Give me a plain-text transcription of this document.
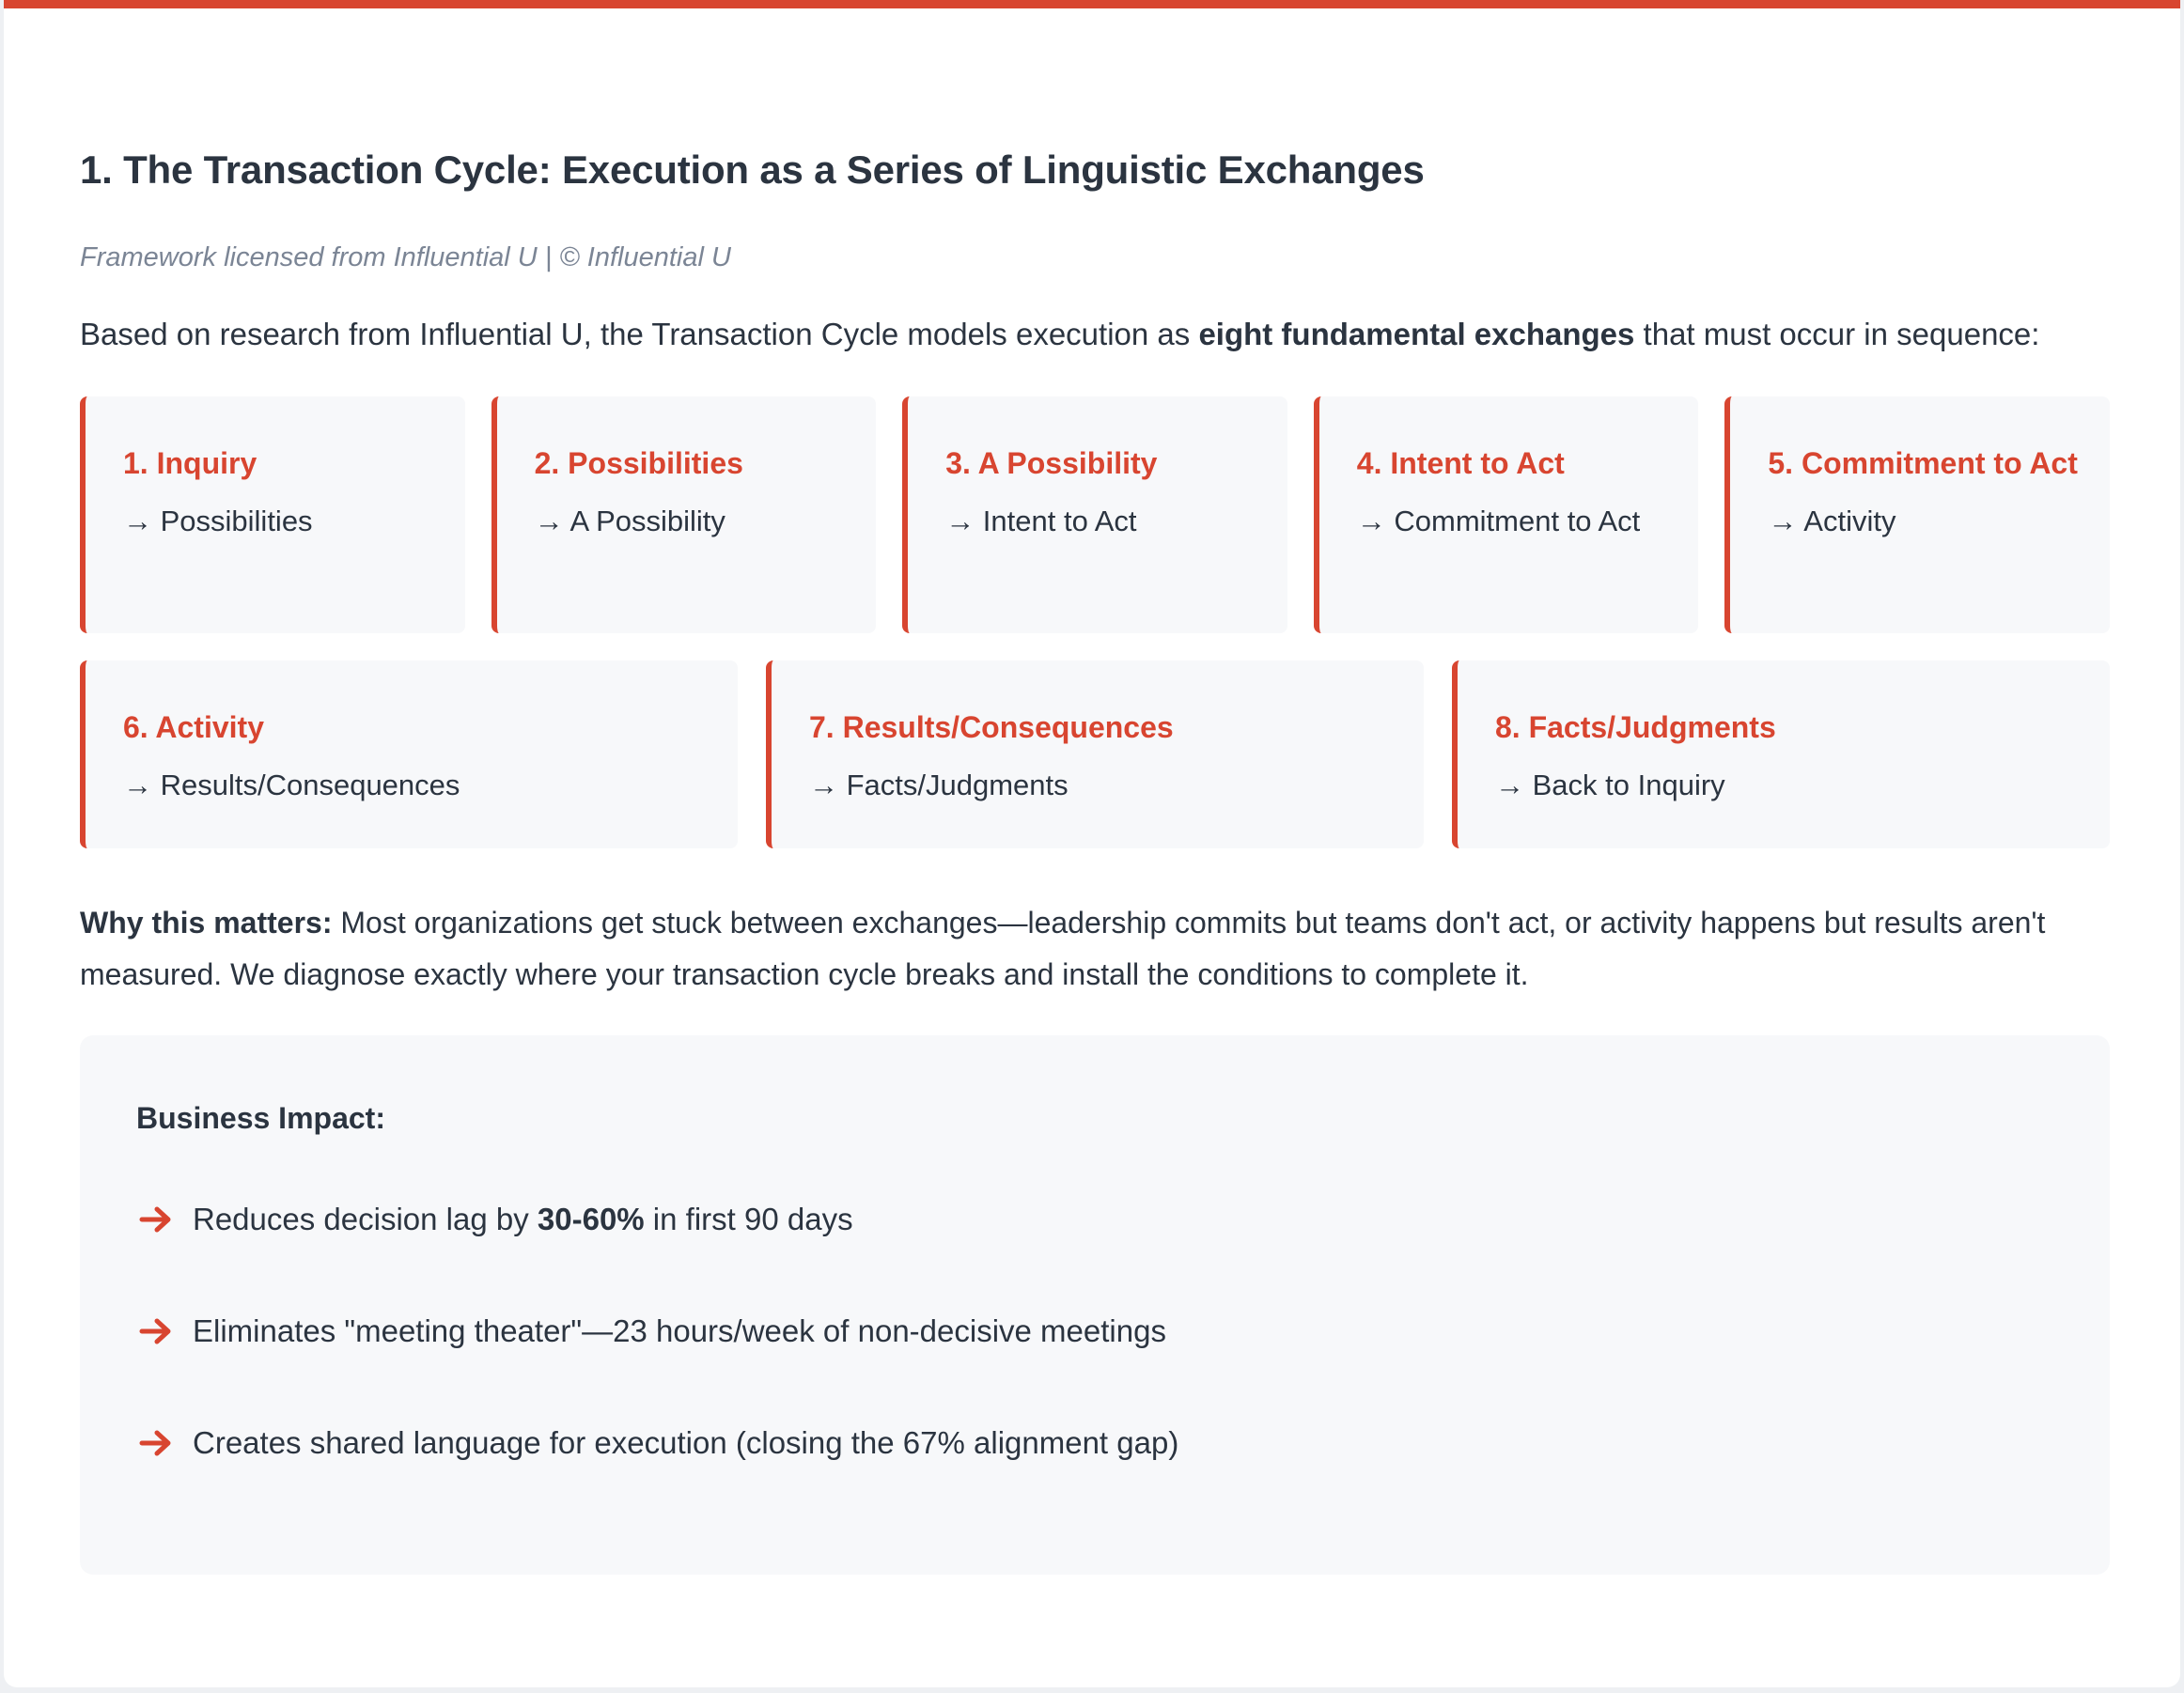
1. The Transaction Cycle: Execution as a Series of Linguistic Exchanges
Framework licensed from Influential U | © Influential U

Based on research from Influential U, the Transaction Cycle models execution as eight fundamental exchanges that must occur in sequence:

1. Inquiry
→ Possibilities
2. Possibilities
→ A Possibility
3. A Possibility
→ Intent to Act
4. Intent to Act
→ Commitment to Act
5. Commitment to Act
→ Activity
6. Activity
→ Results/Consequences
7. Results/Consequences
→ Facts/Judgments
8. Facts/Judgments
→ Back to Inquiry

Why this matters: Most organizations get stuck between exchanges—leadership commits but teams don't act, or activity happens but results aren't measured. We diagnose exactly where your transaction cycle breaks and install the conditions to complete it.

Business Impact:
Reduces decision lag by 30-60% in first 90 days
Eliminates "meeting theater"—23 hours/week of non-decisive meetings
Creates shared language for execution (closing the 67% alignment gap)
